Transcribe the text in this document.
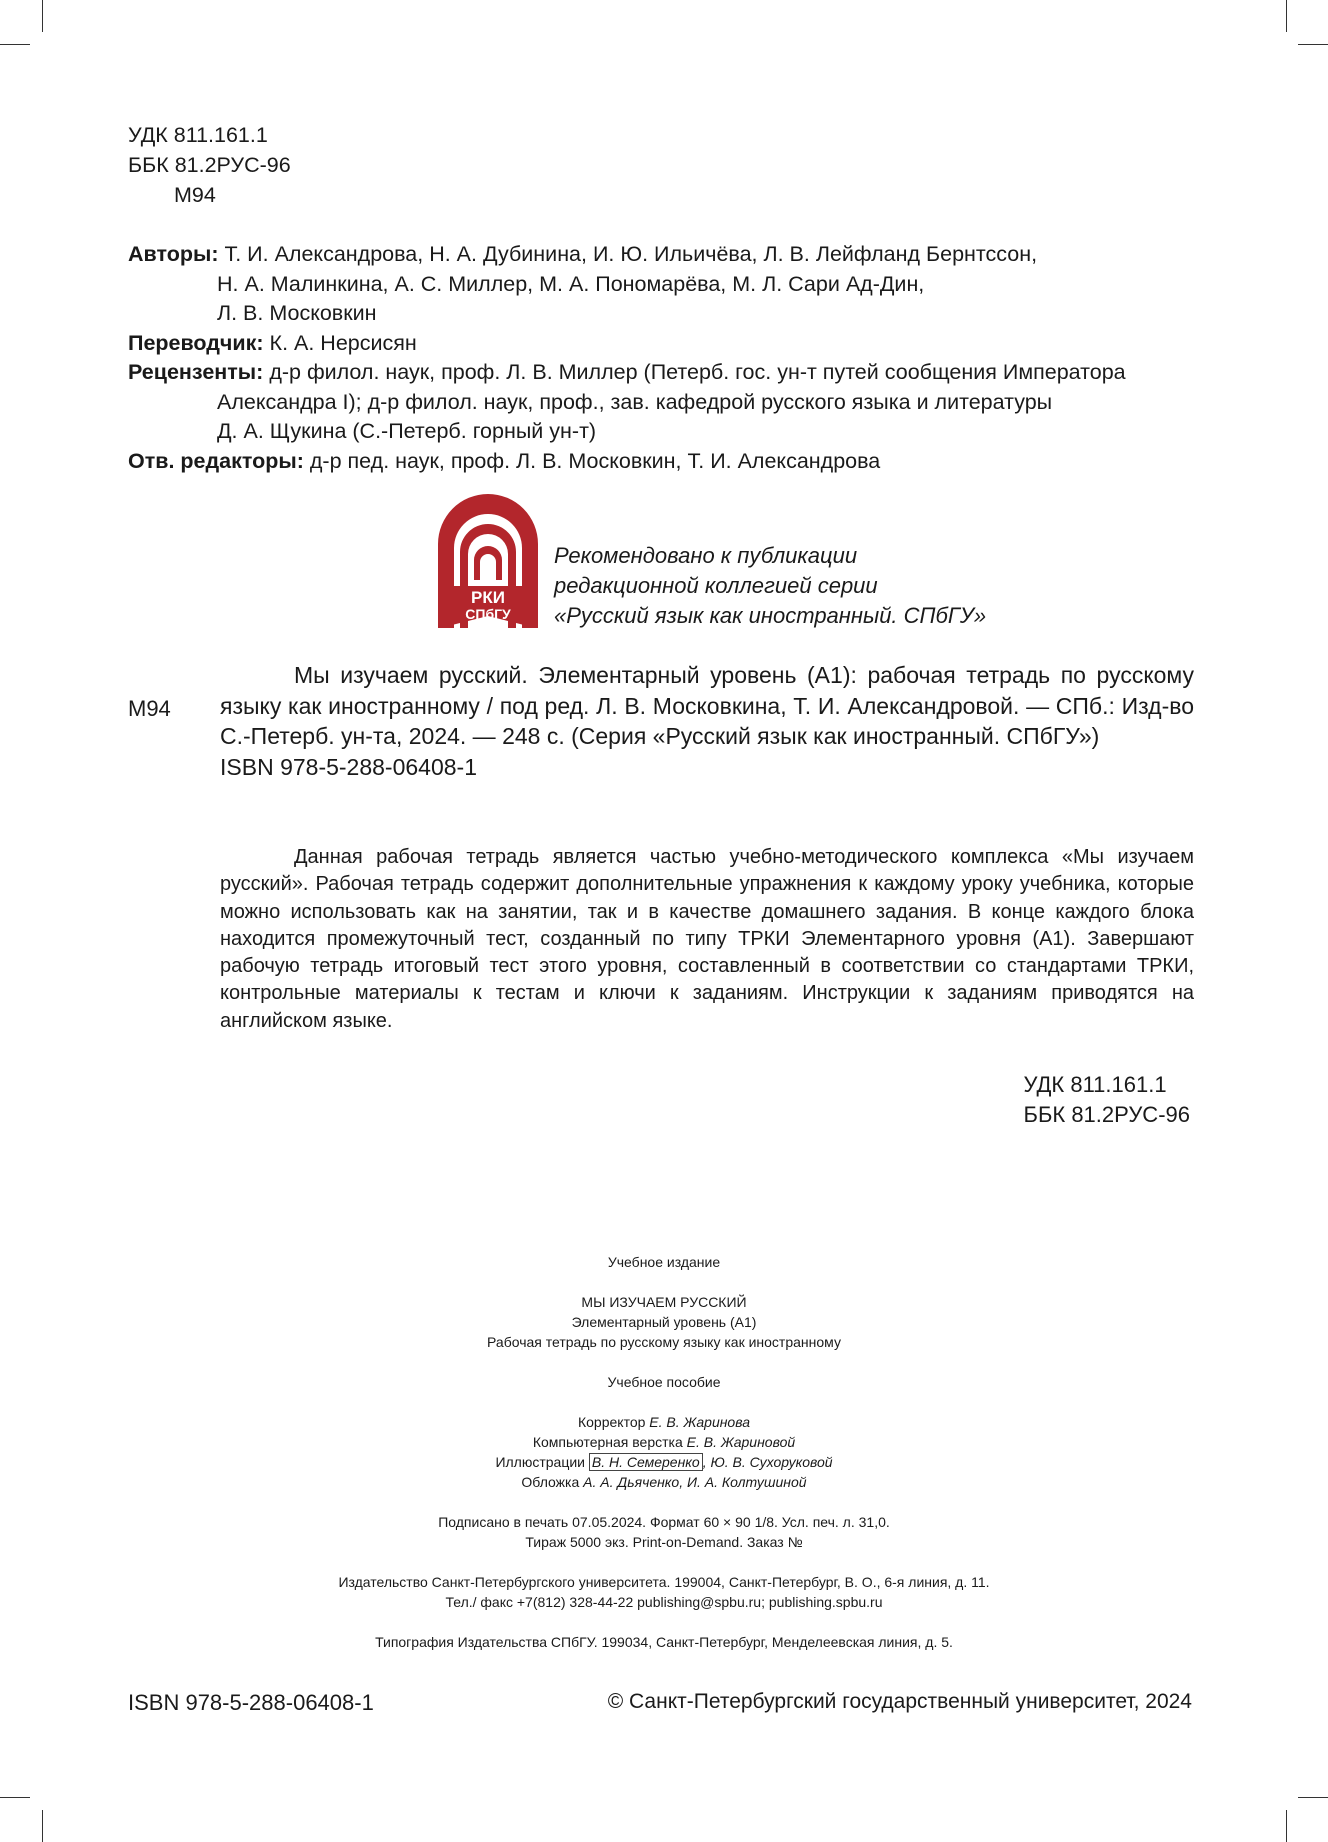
УДК 811.161.1
ББК 81.2РУС-96
М94
Авторы: Т. И. Александрова, Н. А. Дубинина, И. Ю. Ильичёва, Л. В. Лейфланд Бернтссон,
Н. А. Малинкина, А. С. Миллер, М. А. Пономарёва, М. Л. Сари Ад-Дин,
Л. В. Московкин
Переводчик: К. А. Нерсисян
Рецензенты: д-р филол. наук, проф. Л. В. Миллер (Петерб. гос. ун-т путей сообщения Императора
Александра I); д-р филол. наук, проф., зав. кафедрой русского языка и литературы
Д. А. Щукина (С.-Петерб. горный ун-т)
Отв. редакторы: д-р пед. наук, проф. Л. В. Московкин, Т. И. Александрова
РКИ
СПбГУ
Рекомендовано к публикации
редакционной коллегией серии
«Русский язык как иностранный. СПбГУ»
М94
Мы изучаем русский. Элементарный уровень (А1): рабочая тетрадь по русскому языку как иностранному / под ред. Л. В. Московкина, Т. И. Александровой. — СПб.: Изд-во С.-Петерб. ун-та, 2024. — 248 с. (Серия «Русский язык как иностранный. СПбГУ»)
ISBN 978-5-288-06408-1
Данная рабочая тетрадь является частью учебно-методического комплекса «Мы изучаем русский». Рабочая тетрадь содержит дополнительные упражнения к каждому уроку учебника, которые можно использовать как на занятии, так и в качестве домашнего задания. В конце каждого блока находится промежуточный тест, созданный по типу ТРКИ Элементарного уровня (А1). Завершают рабочую тетрадь итоговый тест этого уровня, составленный в соответствии со стандартами ТРКИ, контрольные материалы к тестам и ключи к заданиям. Инструкции к заданиям приводятся на английском языке.
УДК 811.161.1
ББК 81.2РУС-96
Учебное издание
МЫ ИЗУЧАЕМ РУССКИЙ
Элементарный уровень (А1)
Рабочая тетрадь по русскому языку как иностранному
Учебное пособие
Корректор Е. В. Жаринова
Компьютерная верстка Е. В. Жариновой
Иллюстрации В. Н. Семеренко , Ю. В. Сухоруковой
Обложка А. А. Дьяченко, И. А. Колтушиной
Подписано в печать 07.05.2024. Формат 60 × 90 1/8. Усл. печ. л. 31,0.
Тираж 5000 экз. Print-on-Demand. Заказ №
Издательство Санкт-Петербургского университета. 199004, Санкт-Петербург, В. О., 6-я линия, д. 11.
Тел./ факс +7(812) 328-44-22 publishing@spbu.ru; publishing.spbu.ru
Типография Издательства СПбГУ. 199034, Санкт-Петербург, Менделеевская линия, д. 5.
ISBN 978-5-288-06408-1	© Санкт-Петербургский государственный университет, 2024
